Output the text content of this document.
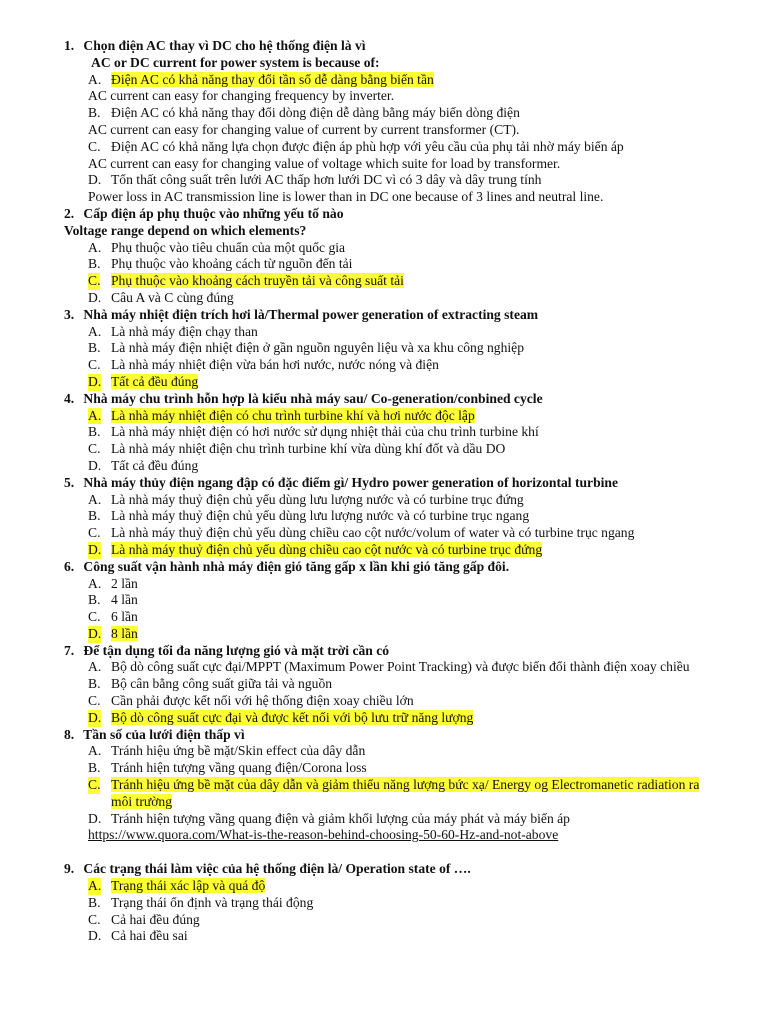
1. Chọn điện AC thay vì DC cho hệ thống điện là vì

AC or DC current for power system is because of:

A. Điện AC có khả năng thay đổi tần số dễ dàng bằng biến tần

AC current can easy for changing frequency by inverter.

B. Điện AC có khả năng thay đổi dòng điện dễ dàng bằng máy biến dòng điện

AC current can easy for changing value of current by current transformer (CT).

C. Điện AC có khả năng lựa chọn được điện áp phù hợp với yêu cầu của phụ tải nhờ máy biến áp

AC current can easy for changing value of voltage which suite for load by transformer.

D. Tổn thất công suất trên lưới AC thấp hơn lưới DC vì có 3 dây và dây trung tính

Power loss in AC transmission line is lower than in DC one because of 3 lines and neutral line.

2. Cấp điện áp phụ thuộc vào những yếu tố nào

Voltage range depend on which elements?

A. Phụ thuộc vào tiêu chuẩn của một quốc gia

B. Phụ thuộc vào khoảng cách từ nguồn đến tải

C. Phụ thuộc vào khoảng cách truyền tải và công suất tải

D. Câu A và C cùng đúng

3. Nhà máy nhiệt điện trích hơi là/Thermal power generation of extracting steam

A. Là nhà máy điện chạy than

B. Là nhà máy điện nhiệt điện ở gần nguồn nguyên liệu và xa khu công nghiệp

C. Là nhà máy nhiệt điện vừa bán hơi nước, nước nóng và điện

D. Tất cả đều đúng

4. Nhà máy chu trình hỗn hợp là kiểu nhà máy sau/ Co-generation/conbined cycle

A. Là nhà máy nhiệt điện có chu trình turbine khí và hơi nước độc lập

B. Là nhà máy nhiệt điện có hơi nước sử dụng nhiệt thải của chu trình turbine khí

C. Là nhà máy nhiệt điện chu trình turbine khí vừa dùng khí đốt và dầu DO

D. Tất cả đều đúng

5. Nhà máy thủy điện ngang đập có đặc điểm gì/ Hydro power generation of horizontal turbine

A. Là nhà máy thuỷ điện chủ yếu dùng lưu lượng nước và có turbine trục đứng

B. Là nhà máy thuỷ điện chủ yếu dùng lưu lượng nước và có turbine trục ngang

C. Là nhà máy thuỷ điện chủ yếu dùng chiều cao cột nước/volum of water và có turbine trục ngang

D. Là nhà máy thuỷ điện chủ yếu dùng chiều cao cột nước và có turbine trục đứng

6. Công suất vận hành nhà máy điện gió tăng gấp x lần khi gió tăng gấp đôi.

A. 2 lần

B. 4 lần

C. 6 lần

D. 8 lần

7. Để tận dụng tối đa năng lượng gió và mặt trời cần có

A. Bộ dò công suất cực đại/MPPT (Maximum Power Point Tracking) và được biến đổi thành điện xoay chiều

B. Bộ cân bằng công suất giữa tải và nguồn

C. Cần phải được kết nối với hệ thống điện xoay chiều lớn

D. Bộ dò công suất cực đại và được kết nối với bộ lưu trữ năng lượng

8. Tần số của lưới điện thấp vì

A. Tránh hiệu ứng bề mặt/Skin effect của dây dẫn

B. Tránh hiện tượng vầng quang điện/Corona loss

C. Tránh hiệu ứng bề mặt của dây dẫn và giảm thiểu năng lượng bức xạ/ Energy og Electromanetic radiation ra môi trường

D. Tránh hiện tượng vầng quang điện và giảm khối lượng của máy phát và máy biến áp

https://www.quora.com/What-is-the-reason-behind-choosing-50-60-Hz-and-not-above

9. Các trạng thái làm việc của hệ thống điện là/ Operation state of ….

A. Trạng thái xác lập và quá độ

B. Trạng thái ổn định và trạng thái động

C. Cả hai đều đúng

D. Cả hai đều sai
